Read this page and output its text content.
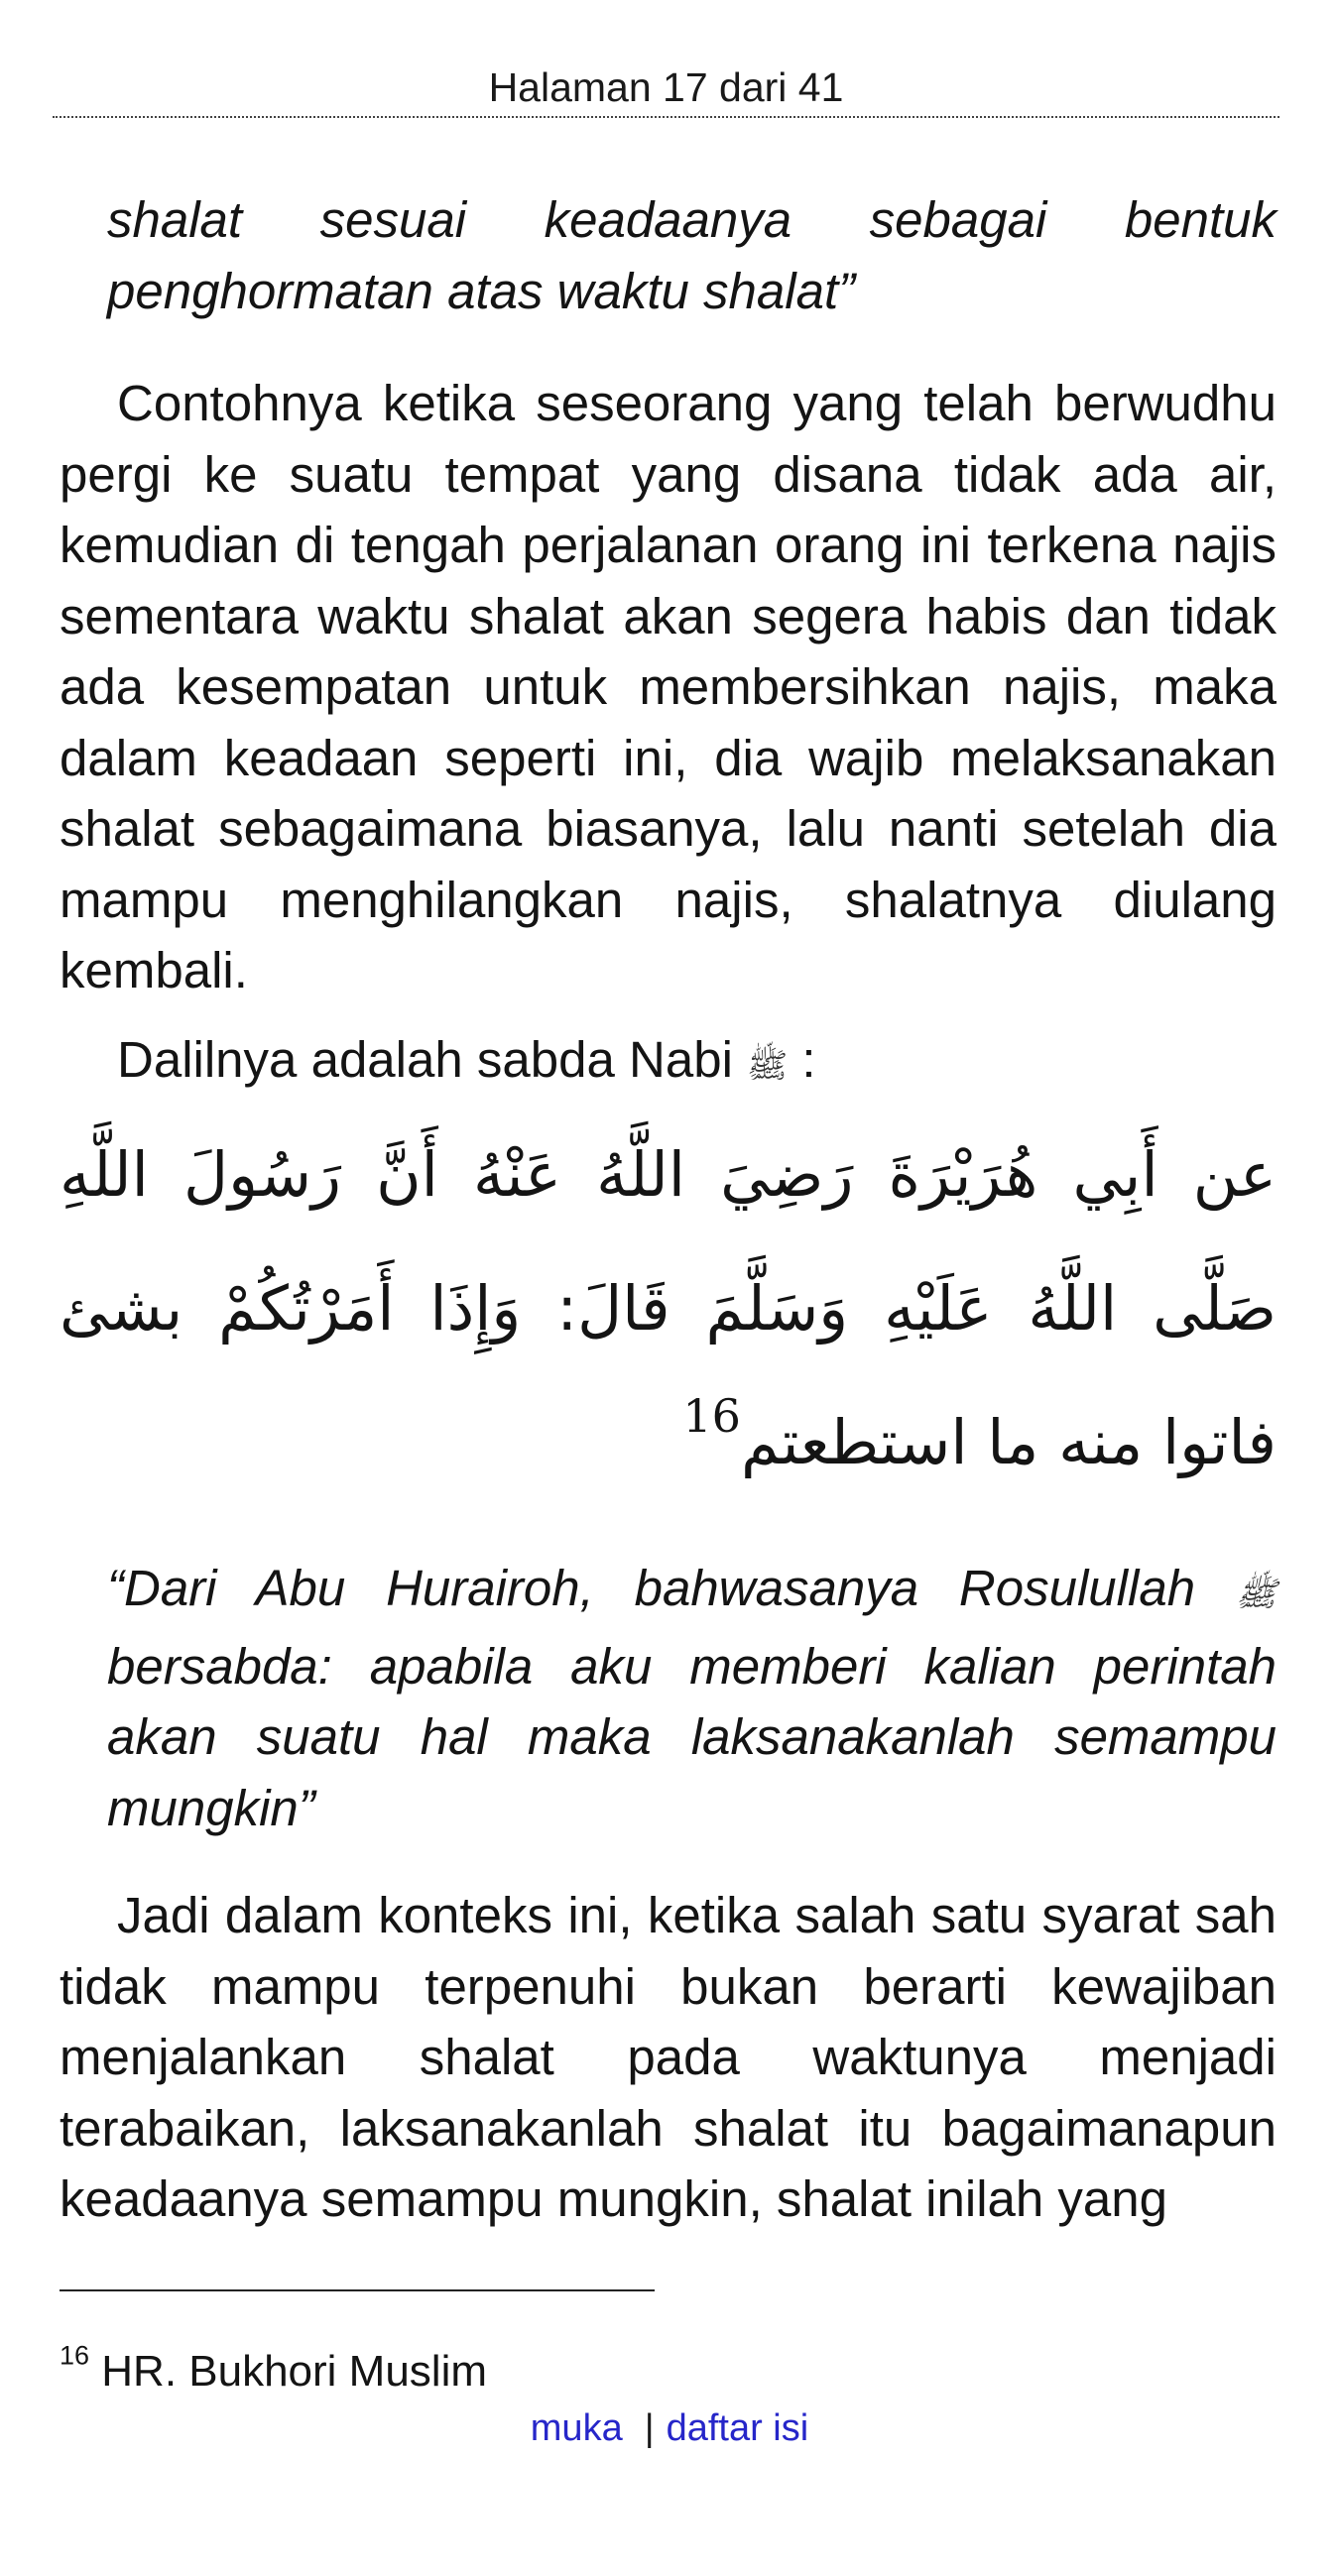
Halaman 17 dari 41

shalat sesuai keadaanya sebagai bentuk penghormatan atas waktu shalat”

Contohnya ketika seseorang yang telah berwudhu pergi ke suatu tempat yang disana tidak ada air, kemudian di tengah perjalanan orang ini terkena najis sementara waktu shalat akan segera habis dan tidak ada kesempatan untuk membersihkan najis, maka dalam keadaan seperti ini, dia wajib melaksanakan shalat sebagaimana biasanya, lalu nanti setelah dia mampu menghilangkan najis, shalatnya diulang kembali.

Dalilnya adalah sabda Nabi ﷺ :

عن أَبِي هُرَيْرَةَ رَضِيَ اللَّهُ عَنْهُ أَنَّ رَسُولَ اللَّهِ صَلَّى اللَّهُ عَلَيْهِ وَسَلَّمَ قَالَ: وَإِذَا أَمَرْتُكُمْ بشئ فاتوا منه ما استطعتم$^{16}$

“Dari Abu Hurairoh, bahwasanya Rosulullah ﷺ bersabda: apabila aku memberi kalian perintah akan suatu hal maka laksanakanlah semampu mungkin”

Jadi dalam konteks ini, ketika salah satu syarat sah tidak mampu terpenuhi bukan berarti kewajiban menjalankan shalat pada waktunya menjadi terabaikan, laksanakanlah shalat itu bagaimanapun keadaanya semampu mungkin, shalat inilah yang

$^{16}$ HR. Bukhori Muslim

muka | daftar isi
